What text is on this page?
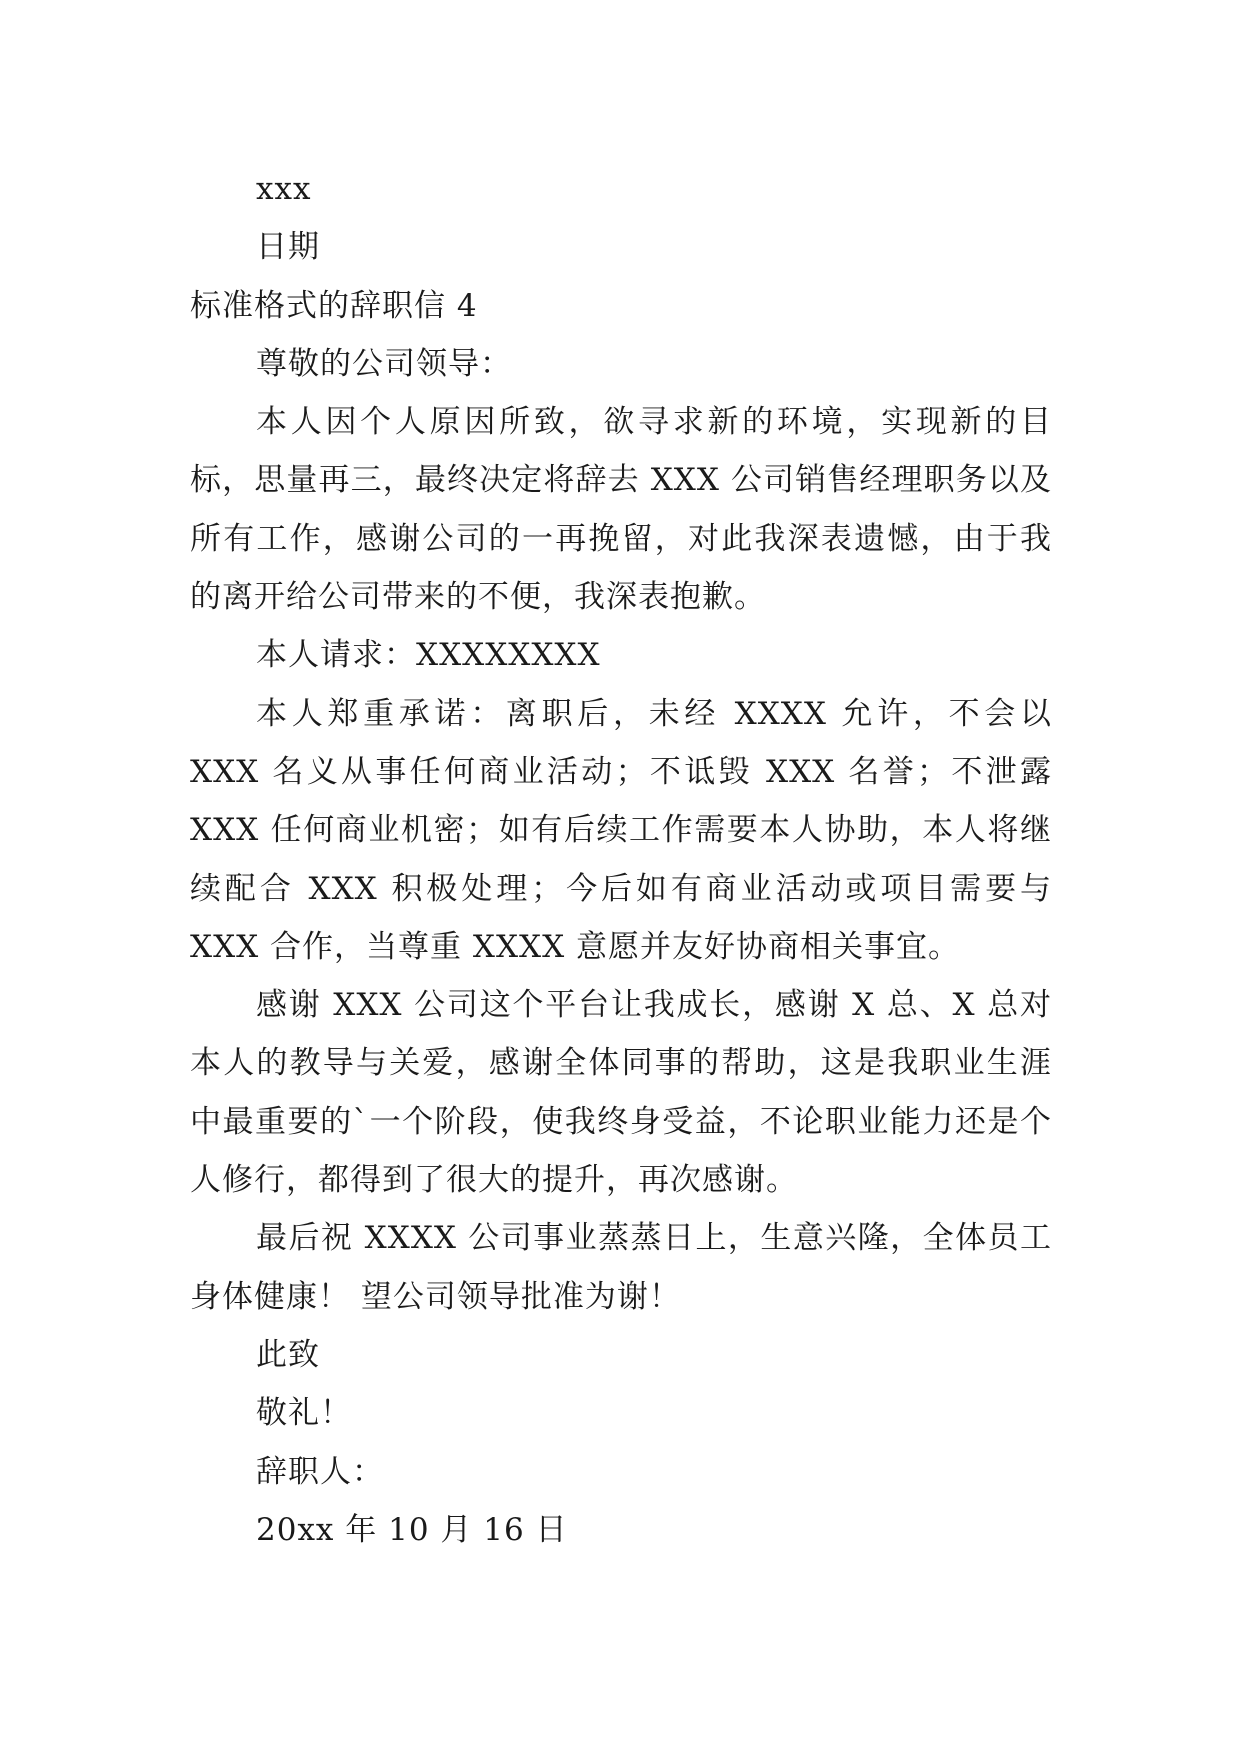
xxx

日期

标准格式的辞职信 4

尊敬的公司领导：

本人因个人原因所致，欲寻求新的环境，实现新的目标，思量再三，最终决定将辞去 XXX 公司销售经理职务以及所有工作，感谢公司的一再挽留，对此我深表遗憾，由于我的离开给公司带来的不便，我深表抱歉。

本人请求：XXXXXXXX

本人郑重承诺：离职后，未经 XXXX 允许，不会以 XXX 名义从事任何商业活动；不诋毁 XXX 名誉；不泄露 XXX 任何商业机密；如有后续工作需要本人协助，本人将继续配合 XXX 积极处理；今后如有商业活动或项目需要与 XXX 合作，当尊重 XXXX 意愿并友好协商相关事宜。

感谢 XXX 公司这个平台让我成长，感谢 X 总、X 总对本人的教导与关爱，感谢全体同事的帮助，这是我职业生涯中最重要的`一个阶段，使我终身受益，不论职业能力还是个人修行，都得到了很大的提升，再次感谢。

最后祝 XXXX 公司事业蒸蒸日上，生意兴隆，全体员工身体健康！ 望公司领导批准为谢！

此致

敬礼！

辞职人：

20xx 年 10 月 16 日
